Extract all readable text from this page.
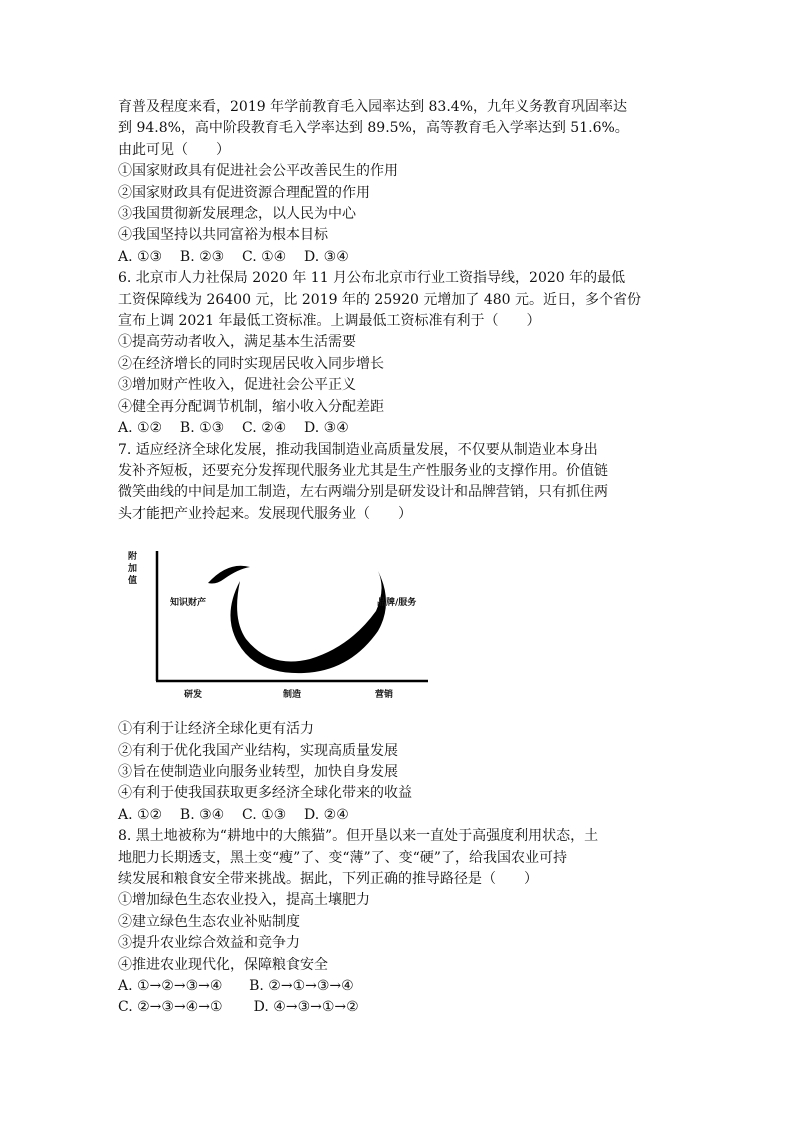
育普及程度来看，2019 年学前教育毛入园率达到 83.4%，九年义务教育巩固率达

到 94.8%，高中阶段教育毛入学率达到 89.5%，高等教育毛入学率达到 51.6%。

由此可见（　　）

①国家财政具有促进社会公平改善民生的作用

②国家财政具有促进资源合理配置的作用

③我国贯彻新发展理念，以人民为中心

④我国坚持以共同富裕为根本目标

A. ①③    B. ②③    C. ①④    D. ③④

6. 北京市人力社保局 2020 年 11 月公布北京市行业工资指导线，2020 年的最低

工资保障线为 26400 元，比 2019 年的 25920 元增加了 480 元。近日，多个省份

宣布上调 2021 年最低工资标准。上调最低工资标准有利于（　　）

①提高劳动者收入，满足基本生活需要

②在经济增长的同时实现居民收入同步增长

③增加财产性收入，促进社会公平正义

④健全再分配调节机制，缩小收入分配差距

A. ①②    B. ①③    C. ②④    D. ③④

7. 适应经济全球化发展，推动我国制造业高质量发展，不仅要从制造业本身出

发补齐短板，还要充分发挥现代服务业尤其是生产性服务业的支撑作用。价值链

微笑曲线的中间是加工制造，左右两端分别是研发设计和品牌营销，只有抓住两

头才能把产业拎起来。发展现代服务业（　　）

附加值
知识财产	品牌/服务
研发	制造	营销

①有利于让经济全球化更有活力

②有利于优化我国产业结构，实现高质量发展

③旨在使制造业向服务业转型，加快自身发展

④有利于使我国获取更多经济全球化带来的收益

A. ①②    B. ③④    C. ①③    D. ②④

8. 黑土地被称为“耕地中的大熊猫”。但开垦以来一直处于高强度利用状态，土

地肥力长期透支，黑土变“瘦”了、变“薄”了、变“硬”了，给我国农业可持

续发展和粮食安全带来挑战。据此，下列正确的推导路径是（　　）

①增加绿色生态农业投入，提高土壤肥力

②建立绿色生态农业补贴制度

③提升农业综合效益和竞争力

④推进农业现代化，保障粮食安全

A. ①→②→③→④      B. ②→①→③→④

C. ②→③→④→①       D. ④→③→①→②
